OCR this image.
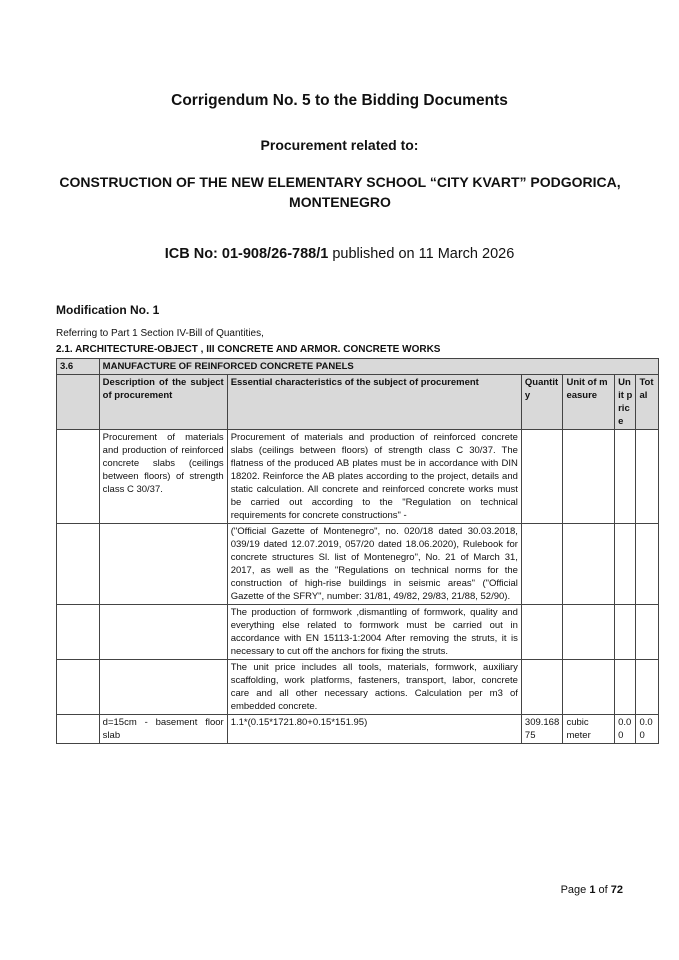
Corrigendum No. 5 to the Bidding Documents
Procurement related to:
CONSTRUCTION OF THE NEW ELEMENTARY SCHOOL “CITY KVART” PODGORICA, MONTENEGRO
ICB No: 01-908/26-788/1 published on 11 March 2026
Modification No. 1
Referring to Part 1 Section IV-Bill of Quantities,
2.1. ARCHITECTURE-OBJECT , III CONCRETE AND ARMOR. CONCRETE WORKS
3.6	MANUFACTURE OF REINFORCED CONCRETE PANELS					
	Description of the subject of procurement	Essential characteristics of the subject of procurement	Quantity	Unit of measure	Unit price	Total
	Procurement of materials and production of reinforced concrete slabs (ceilings between floors) of strength class C 30/37.	Procurement of materials and production of reinforced concrete slabs (ceilings between floors) of strength class C 30/37. The flatness of the produced AB plates must be in accordance with DIN 18202. Reinforce the AB plates according to the project, details and static calculation. All concrete and reinforced concrete works must be carried out according to the "Regulation on technical requirements for concrete constructions" -				
		("Official Gazette of Montenegro", no. 020/18 dated 30.03.2018, 039/19 dated 12.07.2019, 057/20 dated 18.06.2020), Rulebook for concrete structures Sl. list of Montenegro", No. 21 of March 31, 2017, as well as the "Regulations on technical norms for the construction of high-rise buildings in seismic areas" ("Official Gazette of the SFRY", number: 31/81, 49/82, 29/83, 21/88, 52/90).				
		The production of formwork ,dismantling of formwork, quality and everything else related to formwork must be carried out in accordance with EN 15113-1:2004 After removing the struts, it is necessary to cut off the anchors for fixing the struts.				
		The unit price includes all tools, materials, formwork, auxiliary scaffolding, work platforms, fasteners, transport, labor, concrete care and all other necessary actions. Calculation per m3 of embedded concrete.				
	d=15cm - basement floor slab	1.1*(0.15*1721.80+0.15*151.95)	309.16875	cubic meter	0.00	0.00
Page 1 of 72
